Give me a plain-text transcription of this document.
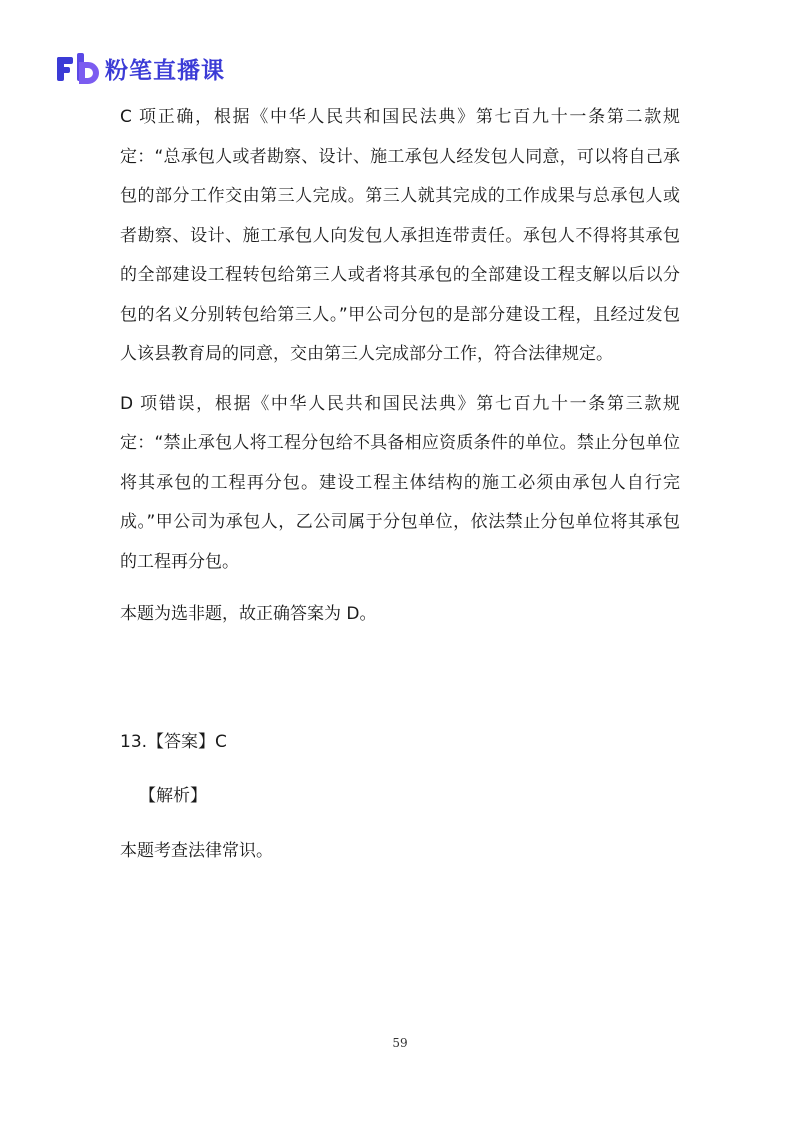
粉笔直播课

C 项正确，根据《中华人民共和国民法典》第七百九十一条第二款规定：“总承包人或者勘察、设计、施工承包人经发包人同意，可以将自己承包的部分工作交由第三人完成。第三人就其完成的工作成果与总承包人或者勘察、设计、施工承包人向发包人承担连带责任。承包人不得将其承包的全部建设工程转包给第三人或者将其承包的全部建设工程支解以后以分包的名义分别转包给第三人。”甲公司分包的是部分建设工程，且经过发包人该县教育局的同意，交由第三人完成部分工作，符合法律规定。

D 项错误，根据《中华人民共和国民法典》第七百九十一条第三款规定：“禁止承包人将工程分包给不具备相应资质条件的单位。禁止分包单位将其承包的工程再分包。建设工程主体结构的施工必须由承包人自行完成。”甲公司为承包人，乙公司属于分包单位，依法禁止分包单位将其承包的工程再分包。

本题为选非题，故正确答案为 D。

13.【答案】C

【解析】

本题考查法律常识。

59
